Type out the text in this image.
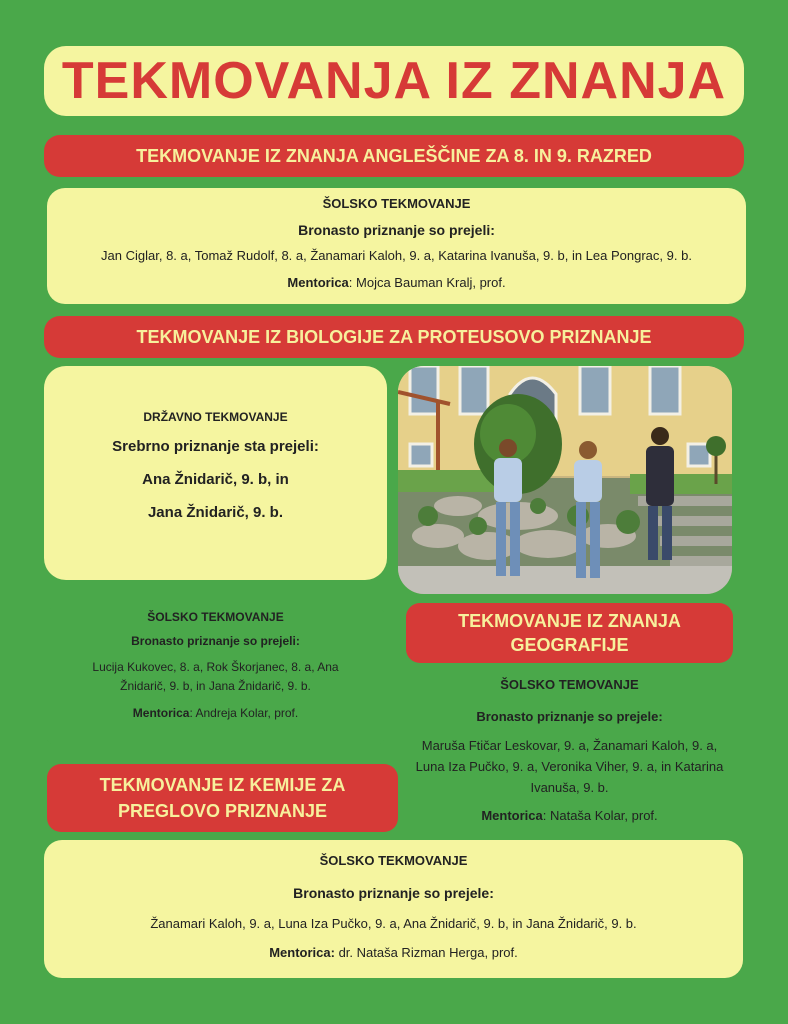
TEKMOVANJA IZ ZNANJA
TEKMOVANJE IZ ZNANJA ANGLEŠČINE ZA 8. IN 9. RAZRED

ŠOLSKO TEKMOVANJE

Bronasto priznanje so prejeli:

Jan Ciglar, 8. a, Tomaž Rudolf, 8. a, Žanamari Kaloh, 9. a, Katarina Ivanuša, 9. b, in Lea Pongrac, 9. b.

Mentorica: Mojca Bauman Kralj, prof.

TEKMOVANJE IZ BIOLOGIJE ZA PROTEUSOVO PRIZNANJE

DRŽAVNO TEKMOVANJE

Srebrno priznanje sta prejeli:

Ana Žnidarič, 9. b, in

Jana Žnidarič, 9. b.

ŠOLSKO TEKMOVANJE

Bronasto priznanje so prejeli:

Lucija Kukovec, 8. a, Rok Škorjanec, 8. a, Ana Žnidarič, 9. b, in Jana Žnidarič, 9. b.

Mentorica: Andreja Kolar, prof.

TEKMOVANJE IZ ZNANJA
GEOGRAFIJE

ŠOLSKO TEMOVANJE

Bronasto priznanje so prejele:

Maruša Ftičar Leskovar, 9. a, Žanamari Kaloh, 9. a, Luna Iza Pučko, 9. a, Veronika Viher, 9. a, in Katarina Ivanuša, 9. b.

Mentorica: Nataša Kolar, prof.

TEKMOVANJE IZ KEMIJE ZA
PREGLOVO PRIZNANJE

ŠOLSKO TEKMOVANJE

Bronasto priznanje so prejele:

Žanamari Kaloh, 9. a, Luna Iza Pučko, 9. a, Ana Žnidarič, 9. b, in Jana Žnidarič, 9. b.

Mentorica: dr. Nataša Rizman Herga, prof.
